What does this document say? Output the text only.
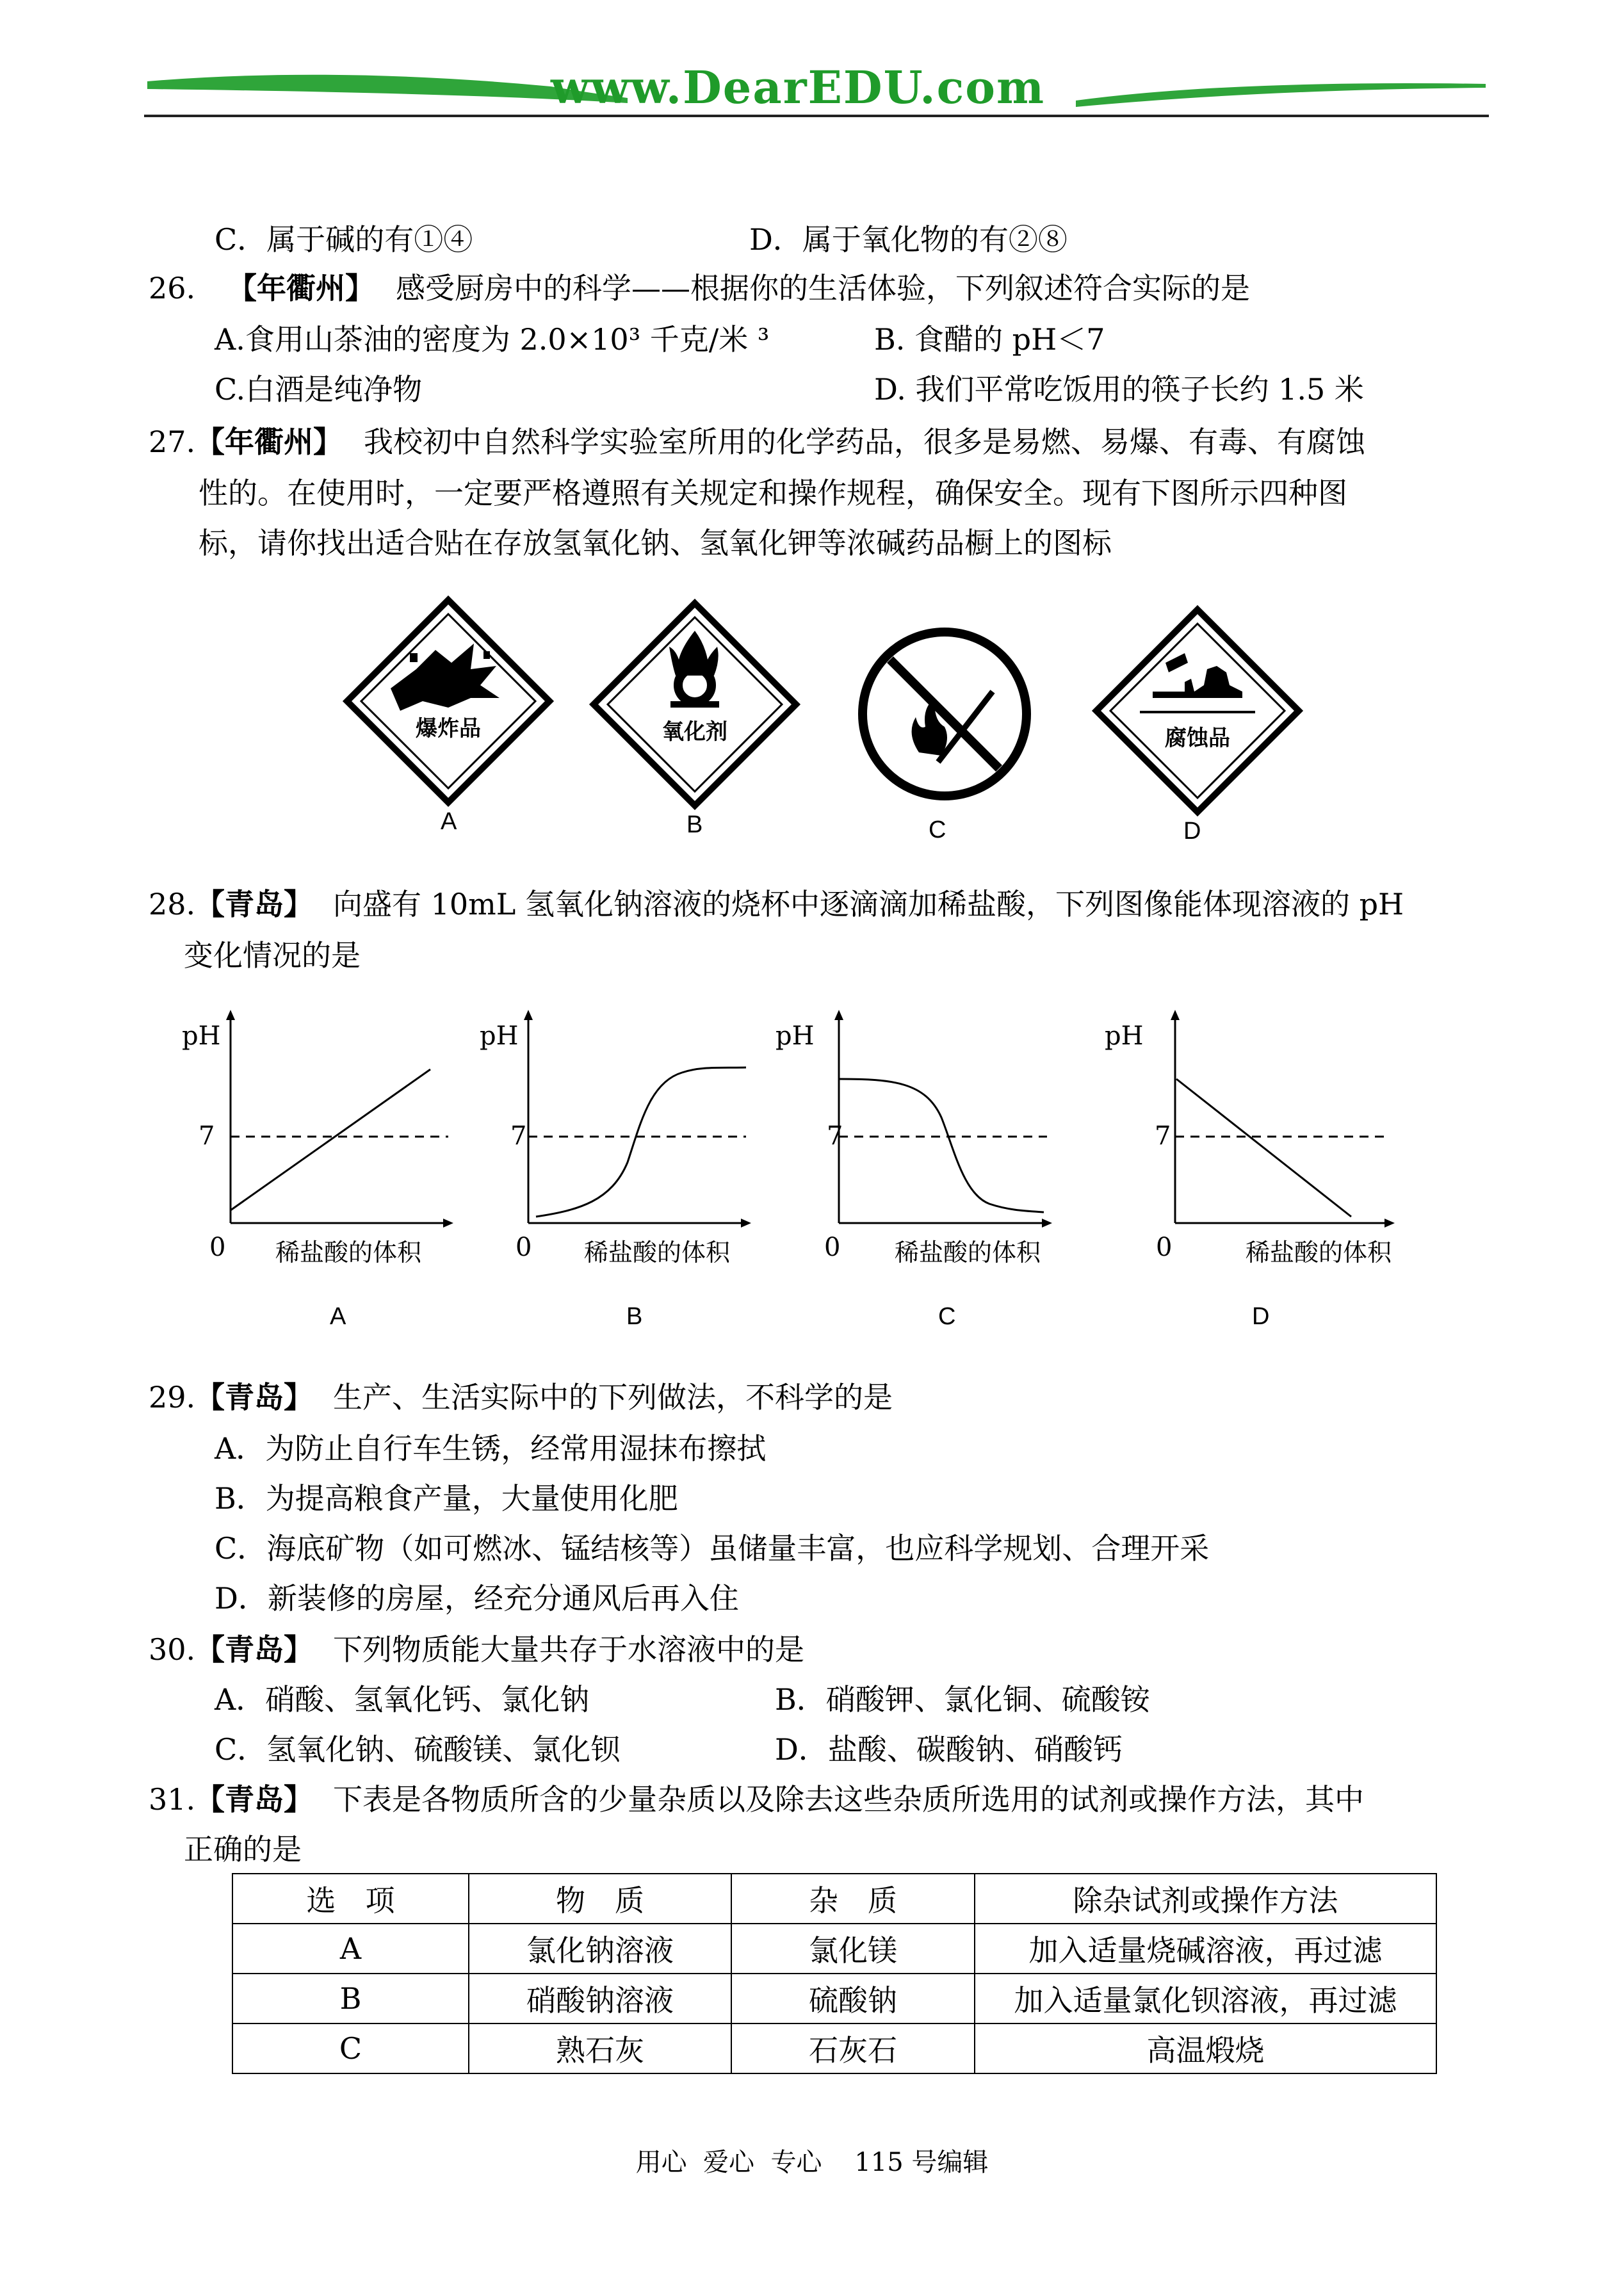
www.DearEDU.com
C．属于碱的有①④	D．属于氧化物的有②⑧
26. 【年衢州】 感受厨房中的科学——根据你的生活体验，下列叙述符合实际的是
A.食用山茶油的密度为 2.0×10³ 千克/米 ³	B. 食醋的 pH＜7
C.白酒是纯净物	D. 我们平常吃饭用的筷子长约 1.5 米
27. 【年衢州】 我校初中自然科学实验室所用的化学药品，很多是易燃、易爆、有毒、有腐蚀
性的。在使用时，一定要严格遵照有关规定和操作规程，确保安全。现有下图所示四种图
标，请你找出适合贴在存放氢氧化钠、氢氧化钾等浓碱药品橱上的图标
爆炸品
A
氧化剂
B	C
腐蚀品
D
28. 【青岛】 向盛有 10mL 氢氧化钠溶液的烧杯中逐滴滴加稀盐酸，下列图像能体现溶液的 pH
变化情况的是
pH
7
0 稀盐酸的体积
A
pH
7
0 稀盐酸的体积
B
pH
7
0 稀盐酸的体积
C
pH
7
0	稀盐酸的体积
D
29. 【青岛】 生产、生活实际中的下列做法，不科学的是
A．为防止自行车生锈，经常用湿抹布擦拭
B．为提高粮食产量，大量使用化肥
C．海底矿物（如可燃冰、锰结核等）虽储量丰富，也应科学规划、合理开采
D．新装修的房屋，经充分通风后再入住
30. 【青岛】 下列物质能大量共存于水溶液中的是
A．硝酸、氢氧化钙、氯化钠	B．硝酸钾、氯化铜、硫酸铵
C．氢氧化钠、硫酸镁、氯化钡	D．盐酸、碳酸钠、硝酸钙
31. 【青岛】 下表是各物质所含的少量杂质以及除去这些杂质所选用的试剂或操作方法，其中
正确的是
选　项	物　质	杂　质	除杂试剂或操作方法
A	氯化钠溶液	氯化镁	加入适量烧碱溶液，再过滤
B	硝酸钠溶液	硫酸钠	加入适量氯化钡溶液，再过滤
C	熟石灰	石灰石	高温煅烧
用心  爱心  专心    115 号编辑
